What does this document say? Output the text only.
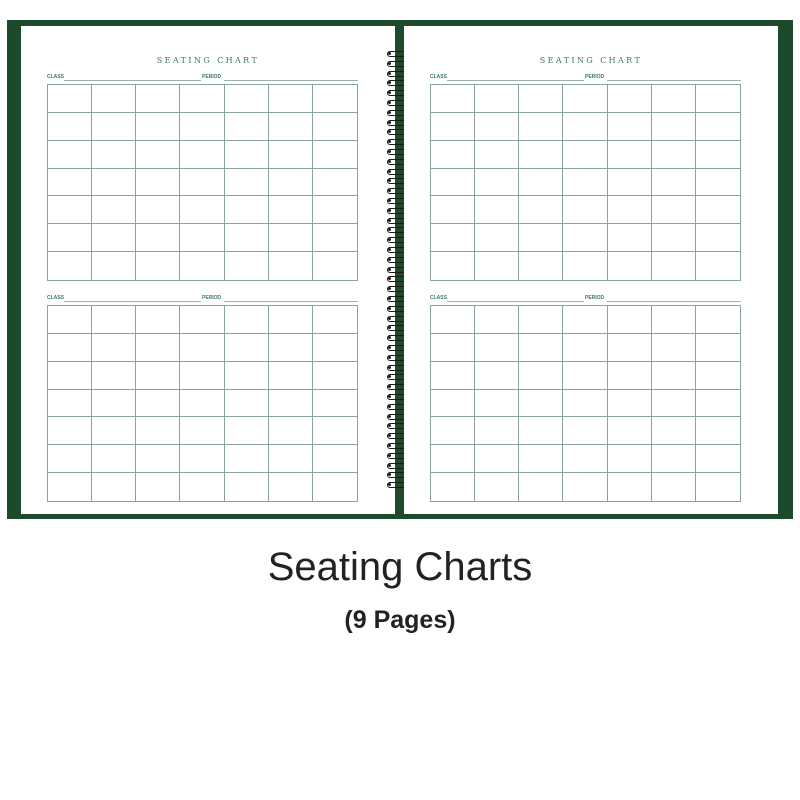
SEATING CHART
CLASS	PERIOD
CLASS	PERIOD
SEATING CHART
CLASS	PERIOD
CLASS	PERIOD
Seating Charts
(9 Pages)
